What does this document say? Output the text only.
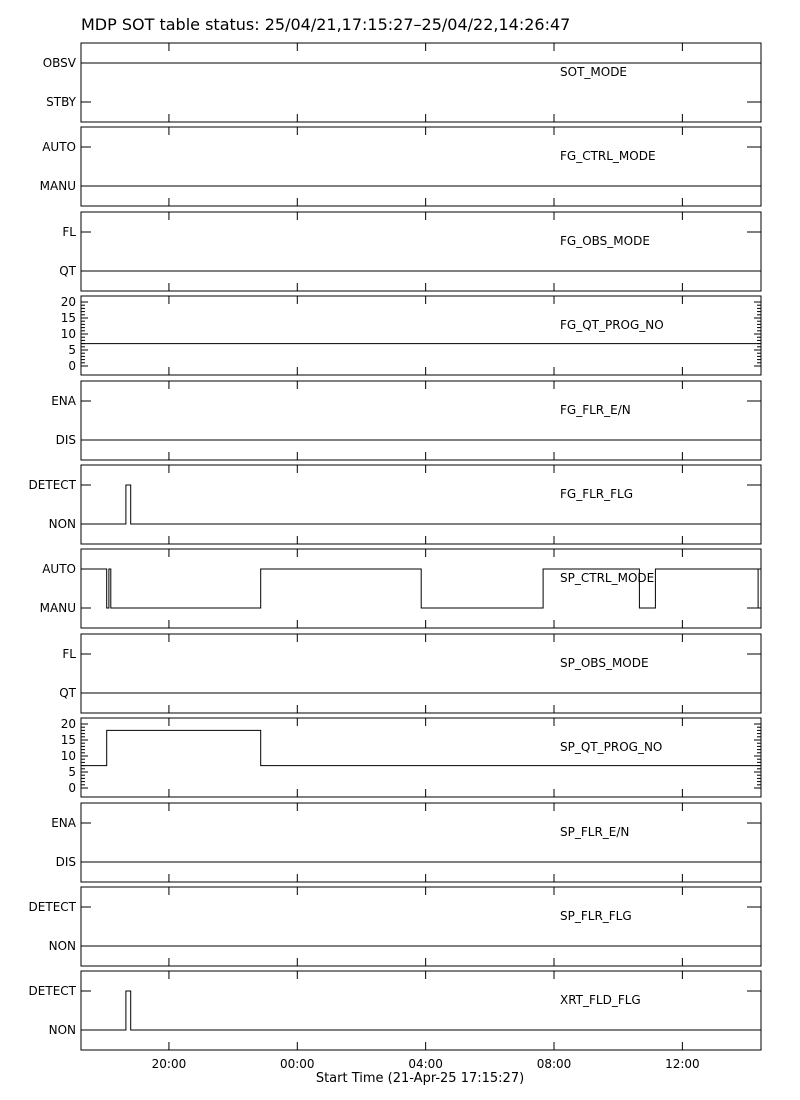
MDP SOT table status: 25/04/21,17:15:27–25/04/22,14:26:47
OBSV
STBY
SOT_MODE
AUTO
MANU
FG_CTRL_MODE
FL
QT
FG_OBS_MODE
0
5
10
15
20
FG_QT_PROG_NO
ENA
DIS
FG_FLR_E/N
DETECT
NON
FG_FLR_FLG
AUTO
MANU
SP_CTRL_MODE
FL
QT
SP_OBS_MODE
0
5
10
15
20
SP_QT_PROG_NO
ENA
DIS
SP_FLR_E/N
DETECT
NON
SP_FLR_FLG
DETECT
NON
XRT_FLD_FLG
20:00	00:00	04:00	08:00	12:00
Start Time (21-Apr-25 17:15:27)
